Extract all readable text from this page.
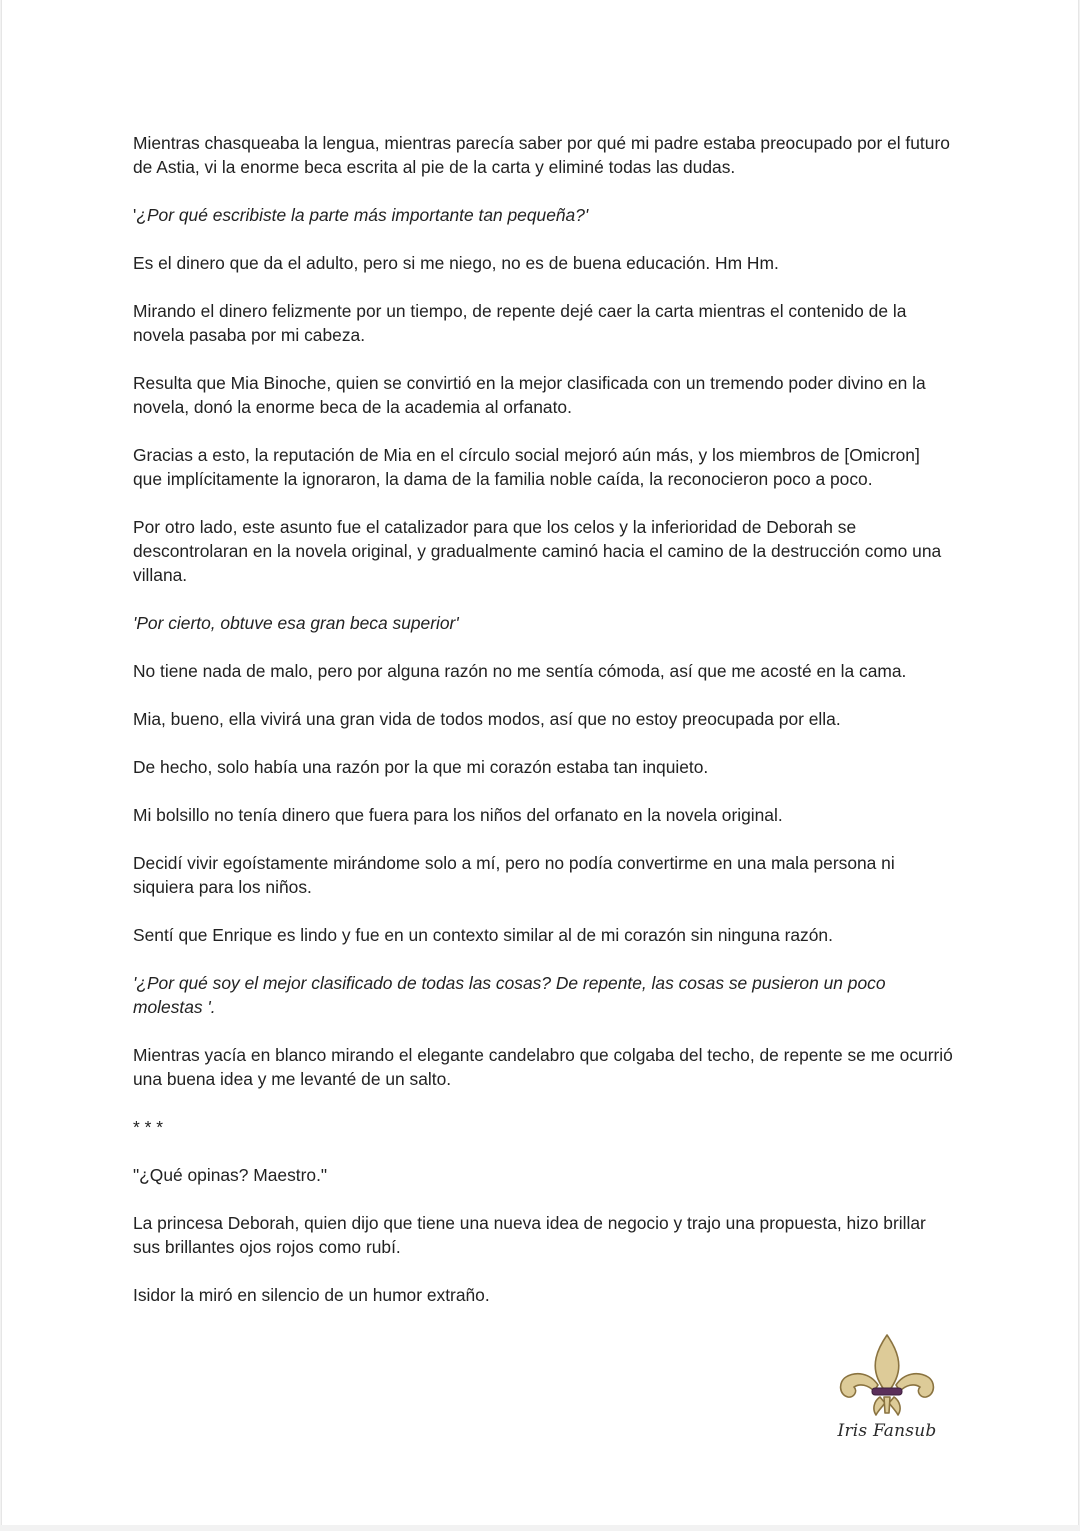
Mientras chasqueaba la lengua, mientras parecía saber por qué mi padre estaba preocupado por el futuro de Astia, vi la enorme beca escrita al pie de la carta y eliminé todas las dudas.

'¿Por qué escribiste la parte más importante tan pequeña?'

Es el dinero que da el adulto, pero si me niego, no es de buena educación. Hm Hm.

Mirando el dinero felizmente por un tiempo, de repente dejé caer la carta mientras el contenido de la novela pasaba por mi cabeza.

Resulta que Mia Binoche, quien se convirtió en la mejor clasificada con un tremendo poder divino en la novela, donó la enorme beca de la academia al orfanato.

Gracias a esto, la reputación de Mia en el círculo social mejoró aún más, y los miembros de [Omicron] que implícitamente la ignoraron, la dama de la familia noble caída, la reconocieron poco a poco.

Por otro lado, este asunto fue el catalizador para que los celos y la inferioridad de Deborah se descontrolaran en la novela original, y gradualmente caminó hacia el camino de la destrucción como una villana.

'Por cierto, obtuve esa gran beca superior'

No tiene nada de malo, pero por alguna razón no me sentía cómoda, así que me acosté en la cama.

Mia, bueno, ella vivirá una gran vida de todos modos, así que no estoy preocupada por ella.

De hecho, solo había una razón por la que mi corazón estaba tan inquieto.

Mi bolsillo no tenía dinero que fuera para los niños del orfanato en la novela original.

Decidí vivir egoístamente mirándome solo a mí, pero no podía convertirme en una mala persona ni siquiera para los niños.

Sentí que Enrique es lindo y fue en un contexto similar al de mi corazón sin ninguna razón.

'¿Por qué soy el mejor clasificado de todas las cosas? De repente, las cosas se pusieron un poco molestas '.

Mientras yacía en blanco mirando el elegante candelabro que colgaba del techo, de repente se me ocurrió una buena idea y me levanté de un salto.

* * *

"¿Qué opinas? Maestro."

La princesa Deborah, quien dijo que tiene una nueva idea de negocio y trajo una propuesta, hizo brillar sus brillantes ojos rojos como rubí.

Isidor la miró en silencio de un humor extraño.

Iris Fansub
